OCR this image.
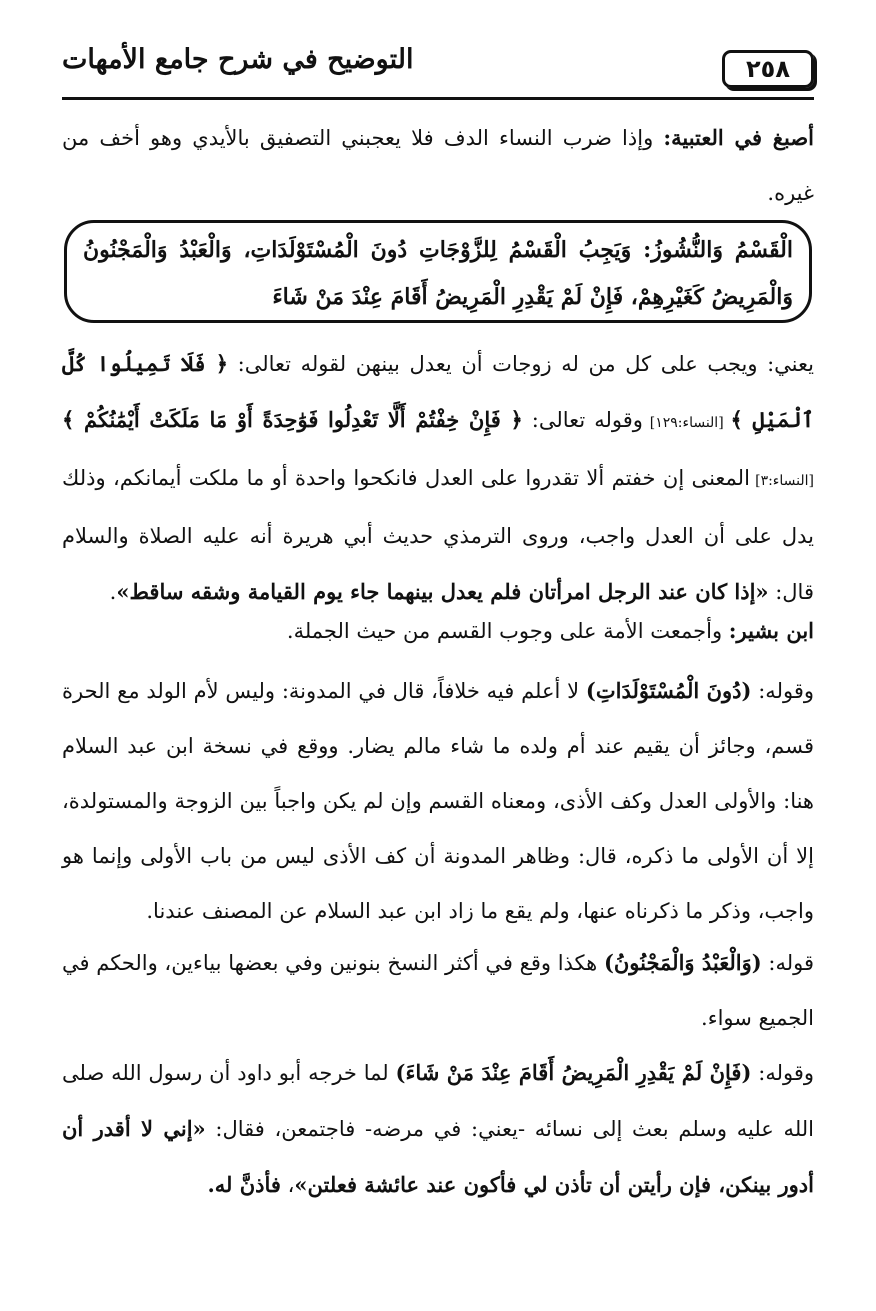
٢٥٨
التوضيح في شرح جامع الأمهات

أصبغ في العتبية: وإذا ضرب النساء الدف فلا يعجبني التصفيق بالأيدي وهو أخف من غيره.

الْقَسْمُ وَالنُّشُوزُ: وَيَجِبُ الْقَسْمُ لِلزَّوْجَاتِ دُونَ الْمُسْتَوْلَدَاتِ، وَالْعَبْدُ وَالْمَجْنُونُ وَالْمَرِيضُ كَغَيْرِهِمْ، فَإِنْ لَمْ يَقْدِرِ الْمَرِيضُ أَقَامَ عِنْدَ مَنْ شَاءَ

يعني: ويجب على كل من له زوجات أن يعدل بينهن لقوله تعالى: ﴿ فَلَا تَمِيلُوا كُلَّ ٱلْمَيْلِ ﴾ [النساء:١٢٩] وقوله تعالى: ﴿ فَإِنْ خِفْتُمْ أَلَّا تَعْدِلُوا فَوَٰحِدَةً أَوْ مَا مَلَكَتْ أَيْمَٰنُكُمْ ﴾ [النساء:٣] المعنى إن خفتم ألا تقدروا على العدل فانكحوا واحدة أو ما ملكت أيمانكم، وذلك يدل على أن العدل واجب، وروى الترمذي حديث أبي هريرة أنه عليه الصلاة والسلام قال: «إذا كان عند الرجل امرأتان فلم يعدل بينهما جاء يوم القيامة وشقه ساقط».

ابن بشير: وأجمعت الأمة على وجوب القسم من حيث الجملة.

وقوله: (دُونَ الْمُسْتَوْلَدَاتِ) لا أعلم فيه خلافاً، قال في المدونة: وليس لأم الولد مع الحرة قسم، وجائز أن يقيم عند أم ولده ما شاء مالم يضار. ووقع في نسخة ابن عبد السلام هنا: والأولى العدل وكف الأذى، ومعناه القسم وإن لم يكن واجباً بين الزوجة والمستولدة، إلا أن الأولى ما ذكره، قال: وظاهر المدونة أن كف الأذى ليس من باب الأولى وإنما هو واجب، وذكر ما ذكرناه عنها، ولم يقع ما زاد ابن عبد السلام عن المصنف عندنا.

قوله: (وَالْعَبْدُ وَالْمَجْنُونُ) هكذا وقع في أكثر النسخ بنونين وفي بعضها بياءين، والحكم في الجميع سواء.

وقوله: (فَإِنْ لَمْ يَقْدِرِ الْمَرِيضُ أَقَامَ عِنْدَ مَنْ شَاءَ) لما خرجه أبو داود أن رسول الله صلى الله عليه وسلم بعث إلى نسائه -يعني: في مرضه- فاجتمعن، فقال: «إني لا أقدر أن أدور بينكن، فإن رأيتن أن تأذن لي فأكون عند عائشة فعلتن»، فأذنَّ له.
